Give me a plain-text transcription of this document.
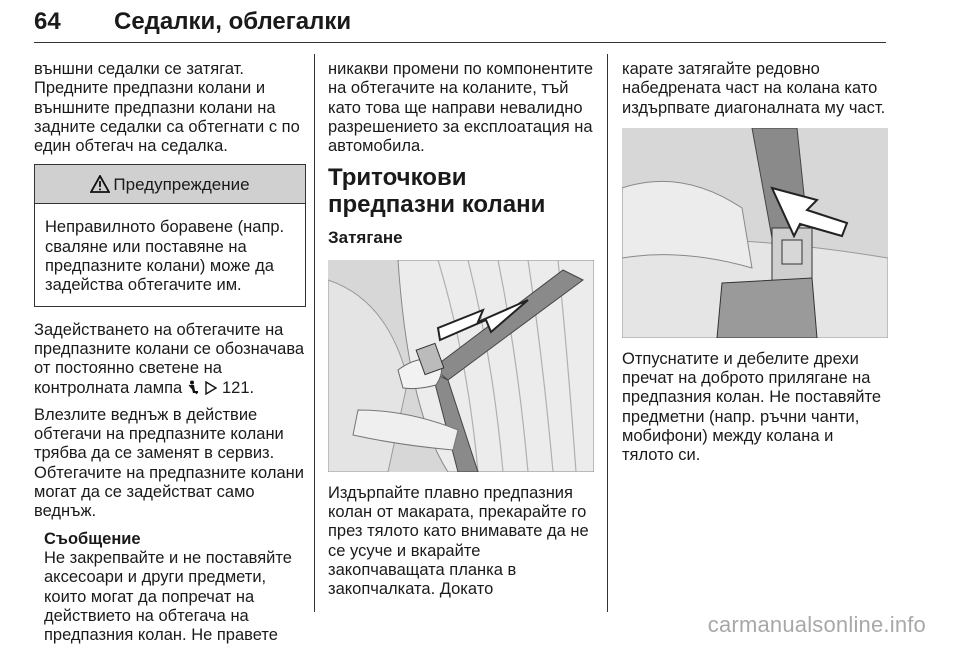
64 Седалки, облегалки

външни седалки се затягат. Предните предпазни колани и външните предпазни колани на задните седалки са обтегнати с по един обтегач на седалка.

Предупреждение
Неправилното боравене (напр. сваляне или поставяне на предпазните колани) може да задейства обтегачите им.

Задействането на обтегачите на предпазните колани се обозначава от постоянно светене на контролната лампа 121.

Влезлите веднъж в действие обтегачи на предпазните колани трябва да се заменят в сервиз. Обтегачите на предпазните колани могат да се задействат само веднъж.

Съобщение
Не закрепвайте и не поставяйте аксесоари и други предмети, които могат да попречат на действието на обтегача на предпазния колан. Не правете

никакви промени по компонентите на обтегачите на коланите, тъй като това ще направи невалидно разрешението за експлоатация на автомобила.

Триточкови предпазни колани
Затягане

Издърпайте плавно предпазния колан от макарата, прекарайте го през тялото като внимавате да не се усуче и вкарайте закопчаващата планка в закопчалката. Докато

карате затягайте редовно набедрената част на колана като издърпвате диагоналната му част.

Отпуснатите и дебелите дрехи пречат на доброто прилягане на предпазния колан. Не поставяйте предметни (напр. ръчни чанти, мобифони) между колана и тялото си.

carmanualsonline.info
